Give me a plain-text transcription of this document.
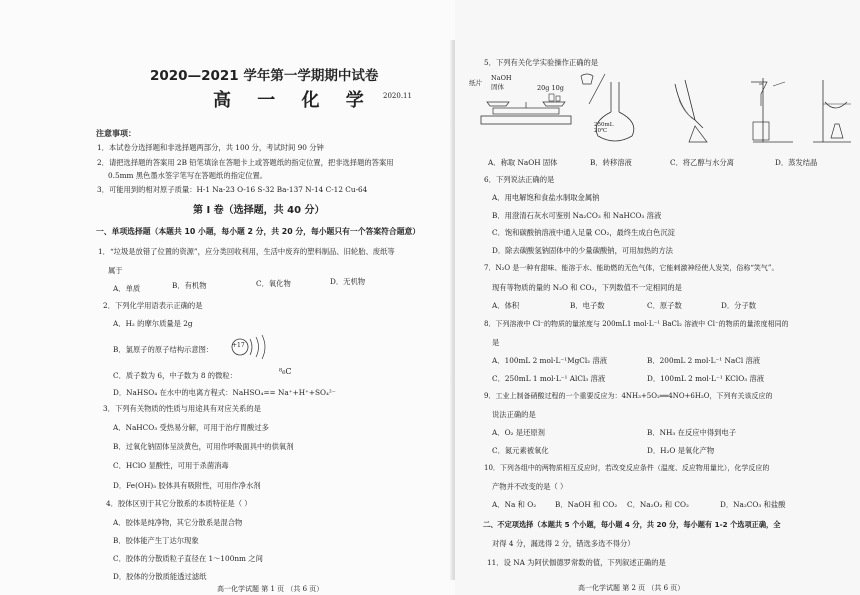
2020—2021 学年第一学期期中试卷
高 一 化 学 2020.11
注意事项：
1．本试卷分选择题和非选择题两部分，共 100 分，考试时间 90 分钟
2．请把选择题的答案用 2B 铅笔填涂在答题卡上或答题纸的指定位置，把非选择题的答案用
0.5mm 黑色墨水签字笔写在答题纸的指定位置。
3．可能用到的相对原子质量：H-1 Na-23 O-16 S-32 Ba-137 N-14 C-12 Cu-64
第 I 卷（选择题，共 40 分）
一、单项选择题（本题共 10 小题，每小题 2 分，共 20 分，每小题只有一个答案符合题意）
1．“垃圾是放错了位置的资源”，应分类回收利用，生活中废弃的塑料制品、旧轮胎、废纸等
属于
A．单质	B．有机物	C．氧化物	D．无机物
2．下列化学用语表示正确的是
A．H₂ 的摩尔质量是 2g
B．氯原子的原子结构示意图：	+17
C．质子数为 6，中子数为 8 的微粒：	⁸₆C
D．NaHSO₄ 在水中的电离方程式：NaHSO₄== Na⁺+H⁺+SO₄²⁻
3．下列有关物质的性质与用途具有对应关系的是
A．NaHCO₃ 受热易分解，可用于治疗胃酸过多
B．过氧化钠固体呈淡黄色，可用作呼吸面具中的供氧剂
C．HClO 显酸性，可用于杀菌消毒
D．Fe(OH)₃ 胶体具有吸附性，可用作净水剂
4．胶体区别于其它分散系的本质特征是（ ）
A．胶体是纯净物，其它分散系是混合物
B．胶体能产生丁达尔现象
C．胶体的分散质粒子直径在 1～100nm 之间
D．胶体的分散质能透过滤纸
高一化学试题 第 1 页 （共 6 页）
5．下列有关化学实验操作正确的是
纸片
NaOH
固体	20g 10g
250mL
20℃
A．称取 NaOH 固体	B．转移溶液	C．将乙醇与水分离	D．蒸发结晶
6．下列说法正确的是
A．用电解饱和食盐水制取金属钠
B．用澄清石灰水可鉴别 Na₂CO₃ 和 NaHCO₃ 溶液
C．饱和碳酸钠溶液中通入足量 CO₂，最终生成白色沉淀
D．除去碳酸氢钠固体中的少量碳酸钠，可用加热的方法
7．N₂O 是一种有甜味、能溶于水、能助燃的无色气体，它能刺激神经使人发笑，俗称“笑气”。
现有等物质的量的 N₂O 和 CO₂，下列数值不一定相同的是
A．体积	B．电子数	C．原子数	D．分子数
8．下列溶液中 Cl⁻的物质的量浓度与 200mL1 mol·L⁻¹ BaCl₂ 溶液中 Cl⁻的物质的量浓度相同的
是
A．100mL 2 mol·L⁻¹MgCl₂ 溶液	B．200mL 2 mol·L⁻¹ NaCl 溶液
C．250mL 1 mol·L⁻¹ AlCl₃ 溶液	D．100mL 2 mol·L⁻¹ KClO₃ 溶液
9．工业上制备硝酸过程的一个重要反应为：4NH₃+5O₂══4NO+6H₂O，下列有关该反应的
说法正确的是
A．O₂ 是还原剂	B．NH₃ 在反应中得到电子
C．氮元素被氧化	D．H₂O 是氧化产物
10．下列各组中的两物质相互反应时，若改变反应条件（温度、反应物用量比），化学反应的
产物并不改变的是（ ）
A．Na 和 O₂	B．NaOH 和 CO₂ C．Na₂O₂ 和 CO₂	D．Na₂CO₃ 和盐酸
二、不定项选择（本题共 5 个小题，每小题 4 分，共 20 分，每小题有 1-2 个选项正确，全
对得 4 分，漏选得 2 分，错选多选不得分）
11．设 NA 为阿伏伽德罗常数的值，下列叙述正确的是
高一化学试题 第 2 页 （共 6 页）
